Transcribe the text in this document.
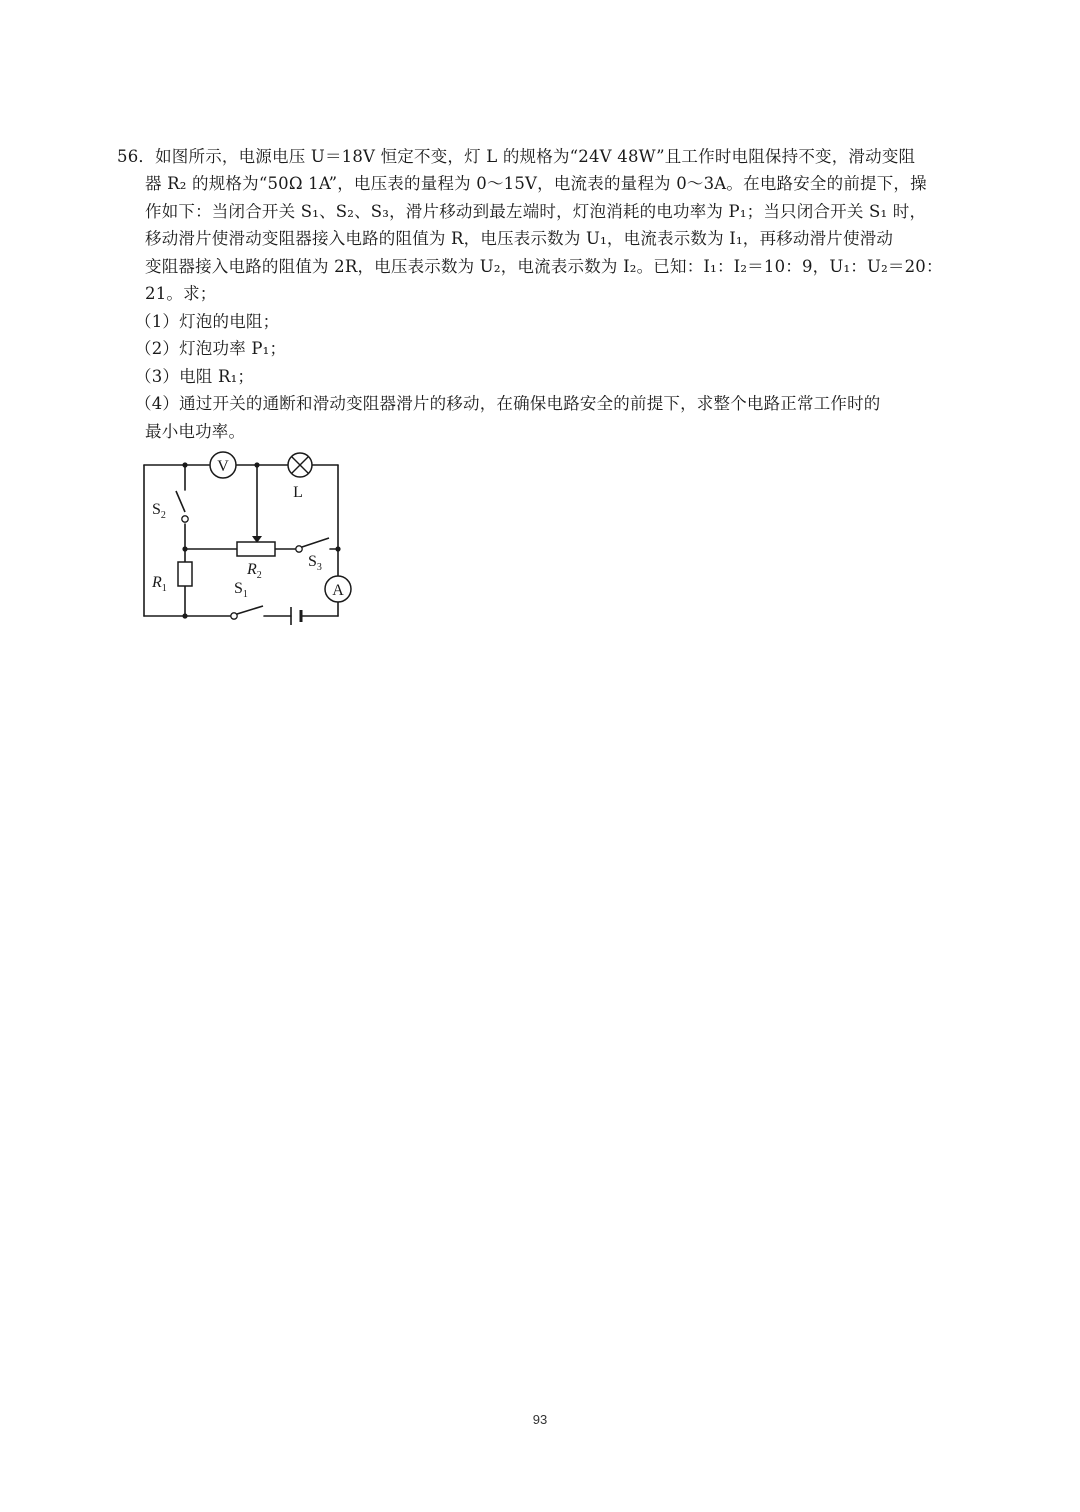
56．如图所示，电源电压 U＝18V 恒定不变，灯 L 的规格为“24V 48W”且工作时电阻保持不变，滑动变阻
器 R₂ 的规格为“50Ω 1A”，电压表的量程为 0～15V，电流表的量程为 0～3A。在电路安全的前提下，操
作如下：当闭合开关 S₁、S₂、S₃，滑片移动到最左端时，灯泡消耗的电功率为 P₁；当只闭合开关 S₁ 时，
移动滑片使滑动变阻器接入电路的阻值为 R，电压表示数为 U₁，电流表示数为 I₁，再移动滑片使滑动
变阻器接入电路的阻值为 2R，电压表示数为 U₂，电流表示数为 I₂。已知：I₁：I₂＝10：9，U₁：U₂＝20：
21。求；
（1）灯泡的电阻；
（2）灯泡功率 P₁；
（3）电阻 R₁；
（4）通过开关的通断和滑动变阻器滑片的移动，在确保电路安全的前提下，求整个电路正常工作时的
最小电功率。
V
L
A
$S_2$
$R_1$
$R_2$
$S_3$
$S_1$
93
